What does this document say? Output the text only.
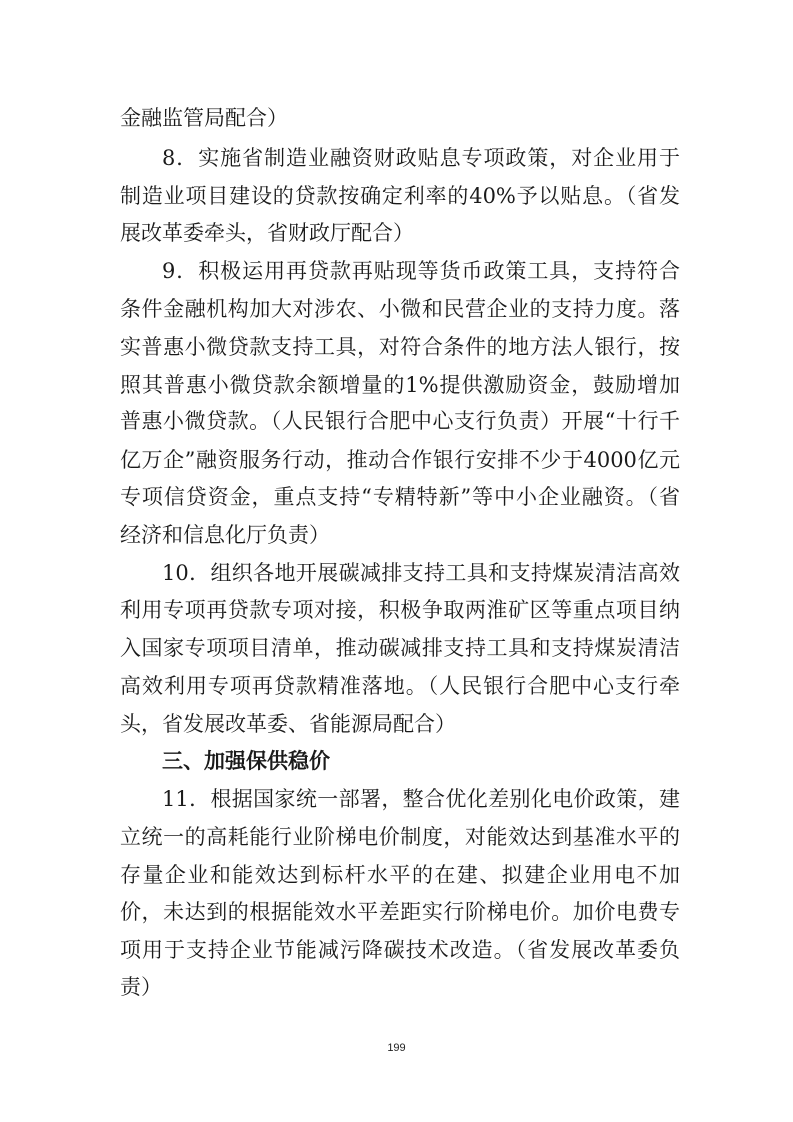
金融监管局配合）
8．实施省制造业融资财政贴息专项政策，对企业用于
制造业项目建设的贷款按确定利率的40%予以贴息。（省发
展改革委牵头，省财政厅配合）
9．积极运用再贷款再贴现等货币政策工具，支持符合
条件金融机构加大对涉农、小微和民营企业的支持力度。落
实普惠小微贷款支持工具，对符合条件的地方法人银行，按
照其普惠小微贷款余额增量的1%提供激励资金，鼓励增加
普惠小微贷款。（人民银行合肥中心支行负责）开展“十行千
亿万企”融资服务行动，推动合作银行安排不少于4000亿元
专项信贷资金，重点支持“专精特新”等中小企业融资。（省
经济和信息化厅负责）
10．组织各地开展碳减排支持工具和支持煤炭清洁高效
利用专项再贷款专项对接，积极争取两淮矿区等重点项目纳
入国家专项项目清单，推动碳减排支持工具和支持煤炭清洁
高效利用专项再贷款精准落地。（人民银行合肥中心支行牵
头，省发展改革委、省能源局配合）
三、加强保供稳价
11．根据国家统一部署，整合优化差别化电价政策，建
立统一的高耗能行业阶梯电价制度，对能效达到基准水平的
存量企业和能效达到标杆水平的在建、拟建企业用电不加
价，未达到的根据能效水平差距实行阶梯电价。加价电费专
项用于支持企业节能减污降碳技术改造。（省发展改革委负
责）
199
